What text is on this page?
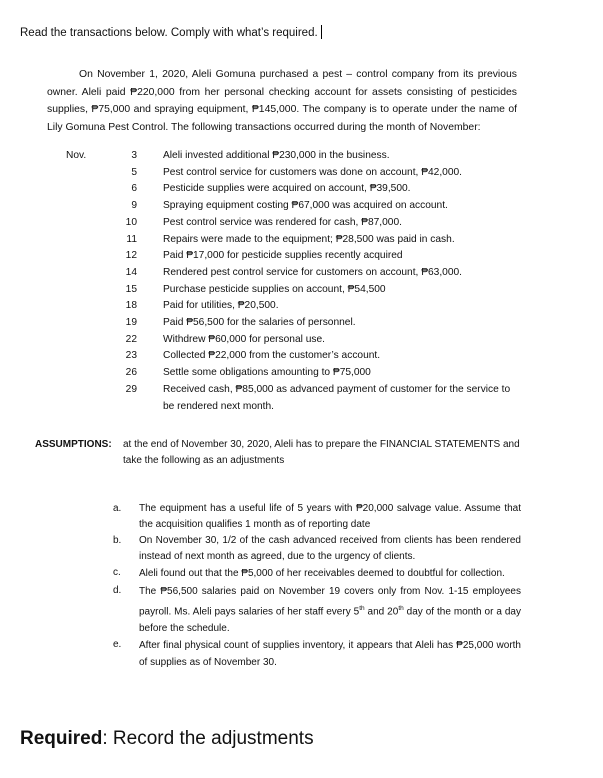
Read the transactions below. Comply with what’s required.
On November 1, 2020, Aleli Gomuna purchased a pest – control company from its previous owner. Aleli paid ₱220,000 from her personal checking account for assets consisting of pesticides supplies, ₱75,000 and spraying equipment, ₱145,000. The company is to operate under the name of Lily Gomuna Pest Control. The following transactions occurred during the month of November:
Nov.	3	Aleli invested additional ₱230,000 in the business.
5	Pest control service for customers was done on account, ₱42,000.
6	Pesticide supplies were acquired on account, ₱39,500.
9	Spraying equipment costing ₱67,000 was acquired on account.
10	Pest control service was rendered for cash, ₱87,000.
11	Repairs were made to the equipment; ₱28,500 was paid in cash.
12	Paid ₱17,000 for pesticide supplies recently acquired
14	Rendered pest control service for customers on account, ₱63,000.
15	Purchase pesticide supplies on account, ₱54,500
18	Paid for utilities, ₱20,500.
19	Paid ₱56,500 for the salaries of personnel.
22	Withdrew ₱60,000 for personal use.
23	Collected ₱22,000 from the customer’s account.
26	Settle some obligations amounting to ₱75,000
29	Received cash, ₱85,000 as advanced payment of customer for the service to be rendered next month.
ASSUMPTIONS:	at the end of November 30, 2020, Aleli has to prepare the FINANCIAL STATEMENTS and take the following as an adjustments
a.	The equipment has a useful life of 5 years with ₱20,000 salvage value. Assume that the acquisition qualifies 1 month as of reporting date
b.	On November 30, 1/2 of the cash advanced received from clients has been rendered instead of next month as agreed, due to the urgency of clients.
c.	Aleli found out that the ₱5,000 of her receivables deemed to doubtful for collection.
d.	The ₱56,500 salaries paid on November 19 covers only from Nov. 1-15 employees payroll. Ms. Aleli pays salaries of her staff every 5th and 20th day of the month or a day before the schedule.
e.	After final physical count of supplies inventory, it appears that Aleli has ₱25,000 worth of supplies as of November 30.
Required: Record the adjustments
